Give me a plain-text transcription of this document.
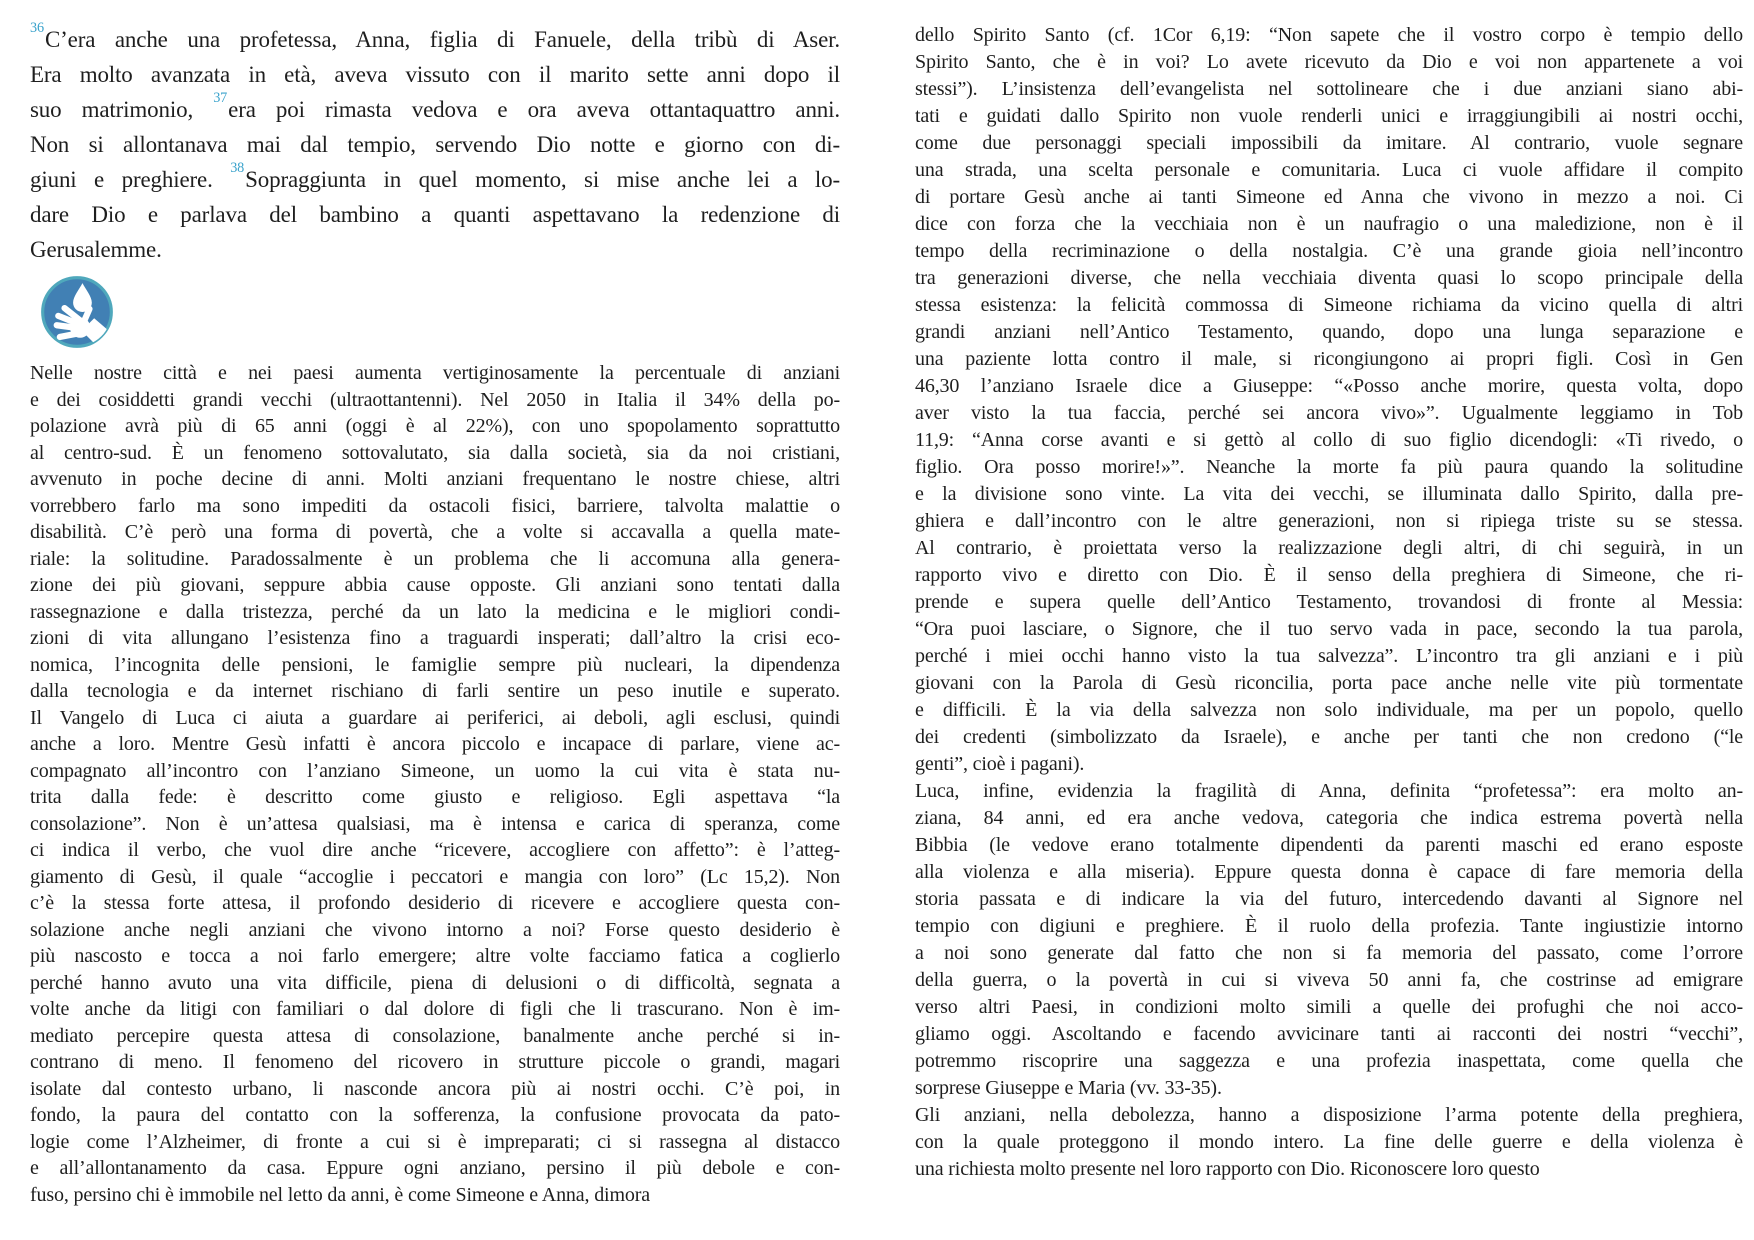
$^{36}$C’era anche una profetessa, Anna, figlia di Fanuele, della tribù di Aser.
Era molto avanzata in età, aveva vissuto con il marito sette anni dopo il
suo matrimonio, $^{37}$era poi rimasta vedova e ora aveva ottantaquattro anni.
Non si allontanava mai dal tempio, servendo Dio notte e giorno con di-
giuni e preghiere. $^{38}$Sopraggiunta in quel momento, si mise anche lei a lo-
dare Dio e parlava del bambino a quanti aspettavano la redenzione di
Gerusalemme.
Nelle nostre città e nei paesi aumenta vertiginosamente la percentuale di anziani
e dei cosiddetti grandi vecchi (ultraottantenni). Nel 2050 in Italia il 34% della po-
polazione avrà più di 65 anni (oggi è al 22%), con uno spopolamento soprattutto
al centro-sud. È un fenomeno sottovalutato, sia dalla società, sia da noi cristiani,
avvenuto in poche decine di anni. Molti anziani frequentano le nostre chiese, altri
vorrebbero farlo ma sono impediti da ostacoli fisici, barriere, talvolta malattie o
disabilità. C’è però una forma di povertà, che a volte si accavalla a quella mate-
riale: la solitudine. Paradossalmente è un problema che li accomuna alla genera-
zione dei più giovani, seppure abbia cause opposte. Gli anziani sono tentati dalla
rassegnazione e dalla tristezza, perché da un lato la medicina e le migliori condi-
zioni di vita allungano l’esistenza fino a traguardi insperati; dall’altro la crisi eco-
nomica, l’incognita delle pensioni, le famiglie sempre più nucleari, la dipendenza
dalla tecnologia e da internet rischiano di farli sentire un peso inutile e superato.
Il Vangelo di Luca ci aiuta a guardare ai periferici, ai deboli, agli esclusi, quindi
anche a loro. Mentre Gesù infatti è ancora piccolo e incapace di parlare, viene ac-
compagnato all’incontro con l’anziano Simeone, un uomo la cui vita è stata nu-
trita dalla fede: è descritto come giusto e religioso. Egli aspettava “la
consolazione”. Non è un’attesa qualsiasi, ma è intensa e carica di speranza, come
ci indica il verbo, che vuol dire anche “ricevere, accogliere con affetto”: è l’atteg-
giamento di Gesù, il quale “accoglie i peccatori e mangia con loro” (Lc 15,2). Non
c’è la stessa forte attesa, il profondo desiderio di ricevere e accogliere questa con-
solazione anche negli anziani che vivono intorno a noi? Forse questo desiderio è
più nascosto e tocca a noi farlo emergere; altre volte facciamo fatica a coglierlo
perché hanno avuto una vita difficile, piena di delusioni o di difficoltà, segnata a
volte anche da litigi con familiari o dal dolore di figli che li trascurano. Non è im-
mediato percepire questa attesa di consolazione, banalmente anche perché si in-
contrano di meno. Il fenomeno del ricovero in strutture piccole o grandi, magari
isolate dal contesto urbano, li nasconde ancora più ai nostri occhi. C’è poi, in
fondo, la paura del contatto con la sofferenza, la confusione provocata da pato-
logie come l’Alzheimer, di fronte a cui si è impreparati; ci si rassegna al distacco
e all’allontanamento da casa. Eppure ogni anziano, persino il più debole e con-
fuso, persino chi è immobile nel letto da anni, è come Simeone e Anna, dimora
dello Spirito Santo (cf. 1Cor 6,19: “Non sapete che il vostro corpo è tempio dello
Spirito Santo, che è in voi? Lo avete ricevuto da Dio e voi non appartenete a voi
stessi”). L’insistenza dell’evangelista nel sottolineare che i due anziani siano abi-
tati e guidati dallo Spirito non vuole renderli unici e irraggiungibili ai nostri occhi,
come due personaggi speciali impossibili da imitare. Al contrario, vuole segnare
una strada, una scelta personale e comunitaria. Luca ci vuole affidare il compito
di portare Gesù anche ai tanti Simeone ed Anna che vivono in mezzo a noi. Ci
dice con forza che la vecchiaia non è un naufragio o una maledizione, non è il
tempo della recriminazione o della nostalgia. C’è una grande gioia nell’incontro
tra generazioni diverse, che nella vecchiaia diventa quasi lo scopo principale della
stessa esistenza: la felicità commossa di Simeone richiama da vicino quella di altri
grandi anziani nell’Antico Testamento, quando, dopo una lunga separazione e
una paziente lotta contro il male, si ricongiungono ai propri figli. Così in Gen
46,30 l’anziano Israele dice a Giuseppe: “«Posso anche morire, questa volta, dopo
aver visto la tua faccia, perché sei ancora vivo»”. Ugualmente leggiamo in Tob
11,9: “Anna corse avanti e si gettò al collo di suo figlio dicendogli: «Ti rivedo, o
figlio. Ora posso morire!»”. Neanche la morte fa più paura quando la solitudine
e la divisione sono vinte. La vita dei vecchi, se illuminata dallo Spirito, dalla pre-
ghiera e dall’incontro con le altre generazioni, non si ripiega triste su se stessa.
Al contrario, è proiettata verso la realizzazione degli altri, di chi seguirà, in un
rapporto vivo e diretto con Dio. È il senso della preghiera di Simeone, che ri-
prende e supera quelle dell’Antico Testamento, trovandosi di fronte al Messia:
“Ora puoi lasciare, o Signore, che il tuo servo vada in pace, secondo la tua parola,
perché i miei occhi hanno visto la tua salvezza”. L’incontro tra gli anziani e i più
giovani con la Parola di Gesù riconcilia, porta pace anche nelle vite più tormentate
e difficili. È la via della salvezza non solo individuale, ma per un popolo, quello
dei credenti (simbolizzato da Israele), e anche per tanti che non credono (“le
genti”, cioè i pagani).
Luca, infine, evidenzia la fragilità di Anna, definita “profetessa”: era molto an-
ziana, 84 anni, ed era anche vedova, categoria che indica estrema povertà nella
Bibbia (le vedove erano totalmente dipendenti da parenti maschi ed erano esposte
alla violenza e alla miseria). Eppure questa donna è capace di fare memoria della
storia passata e di indicare la via del futuro, intercedendo davanti al Signore nel
tempio con digiuni e preghiere. È il ruolo della profezia. Tante ingiustizie intorno
a noi sono generate dal fatto che non si fa memoria del passato, come l’orrore
della guerra, o la povertà in cui si viveva 50 anni fa, che costrinse ad emigrare
verso altri Paesi, in condizioni molto simili a quelle dei profughi che noi acco-
gliamo oggi. Ascoltando e facendo avvicinare tanti ai racconti dei nostri “vecchi”,
potremmo riscoprire una saggezza e una profezia inaspettata, come quella che
sorprese Giuseppe e Maria (vv. 33-35).
Gli anziani, nella debolezza, hanno a disposizione l’arma potente della preghiera,
con la quale proteggono il mondo intero. La fine delle guerre e della violenza è
una richiesta molto presente nel loro rapporto con Dio. Riconoscere loro questo
